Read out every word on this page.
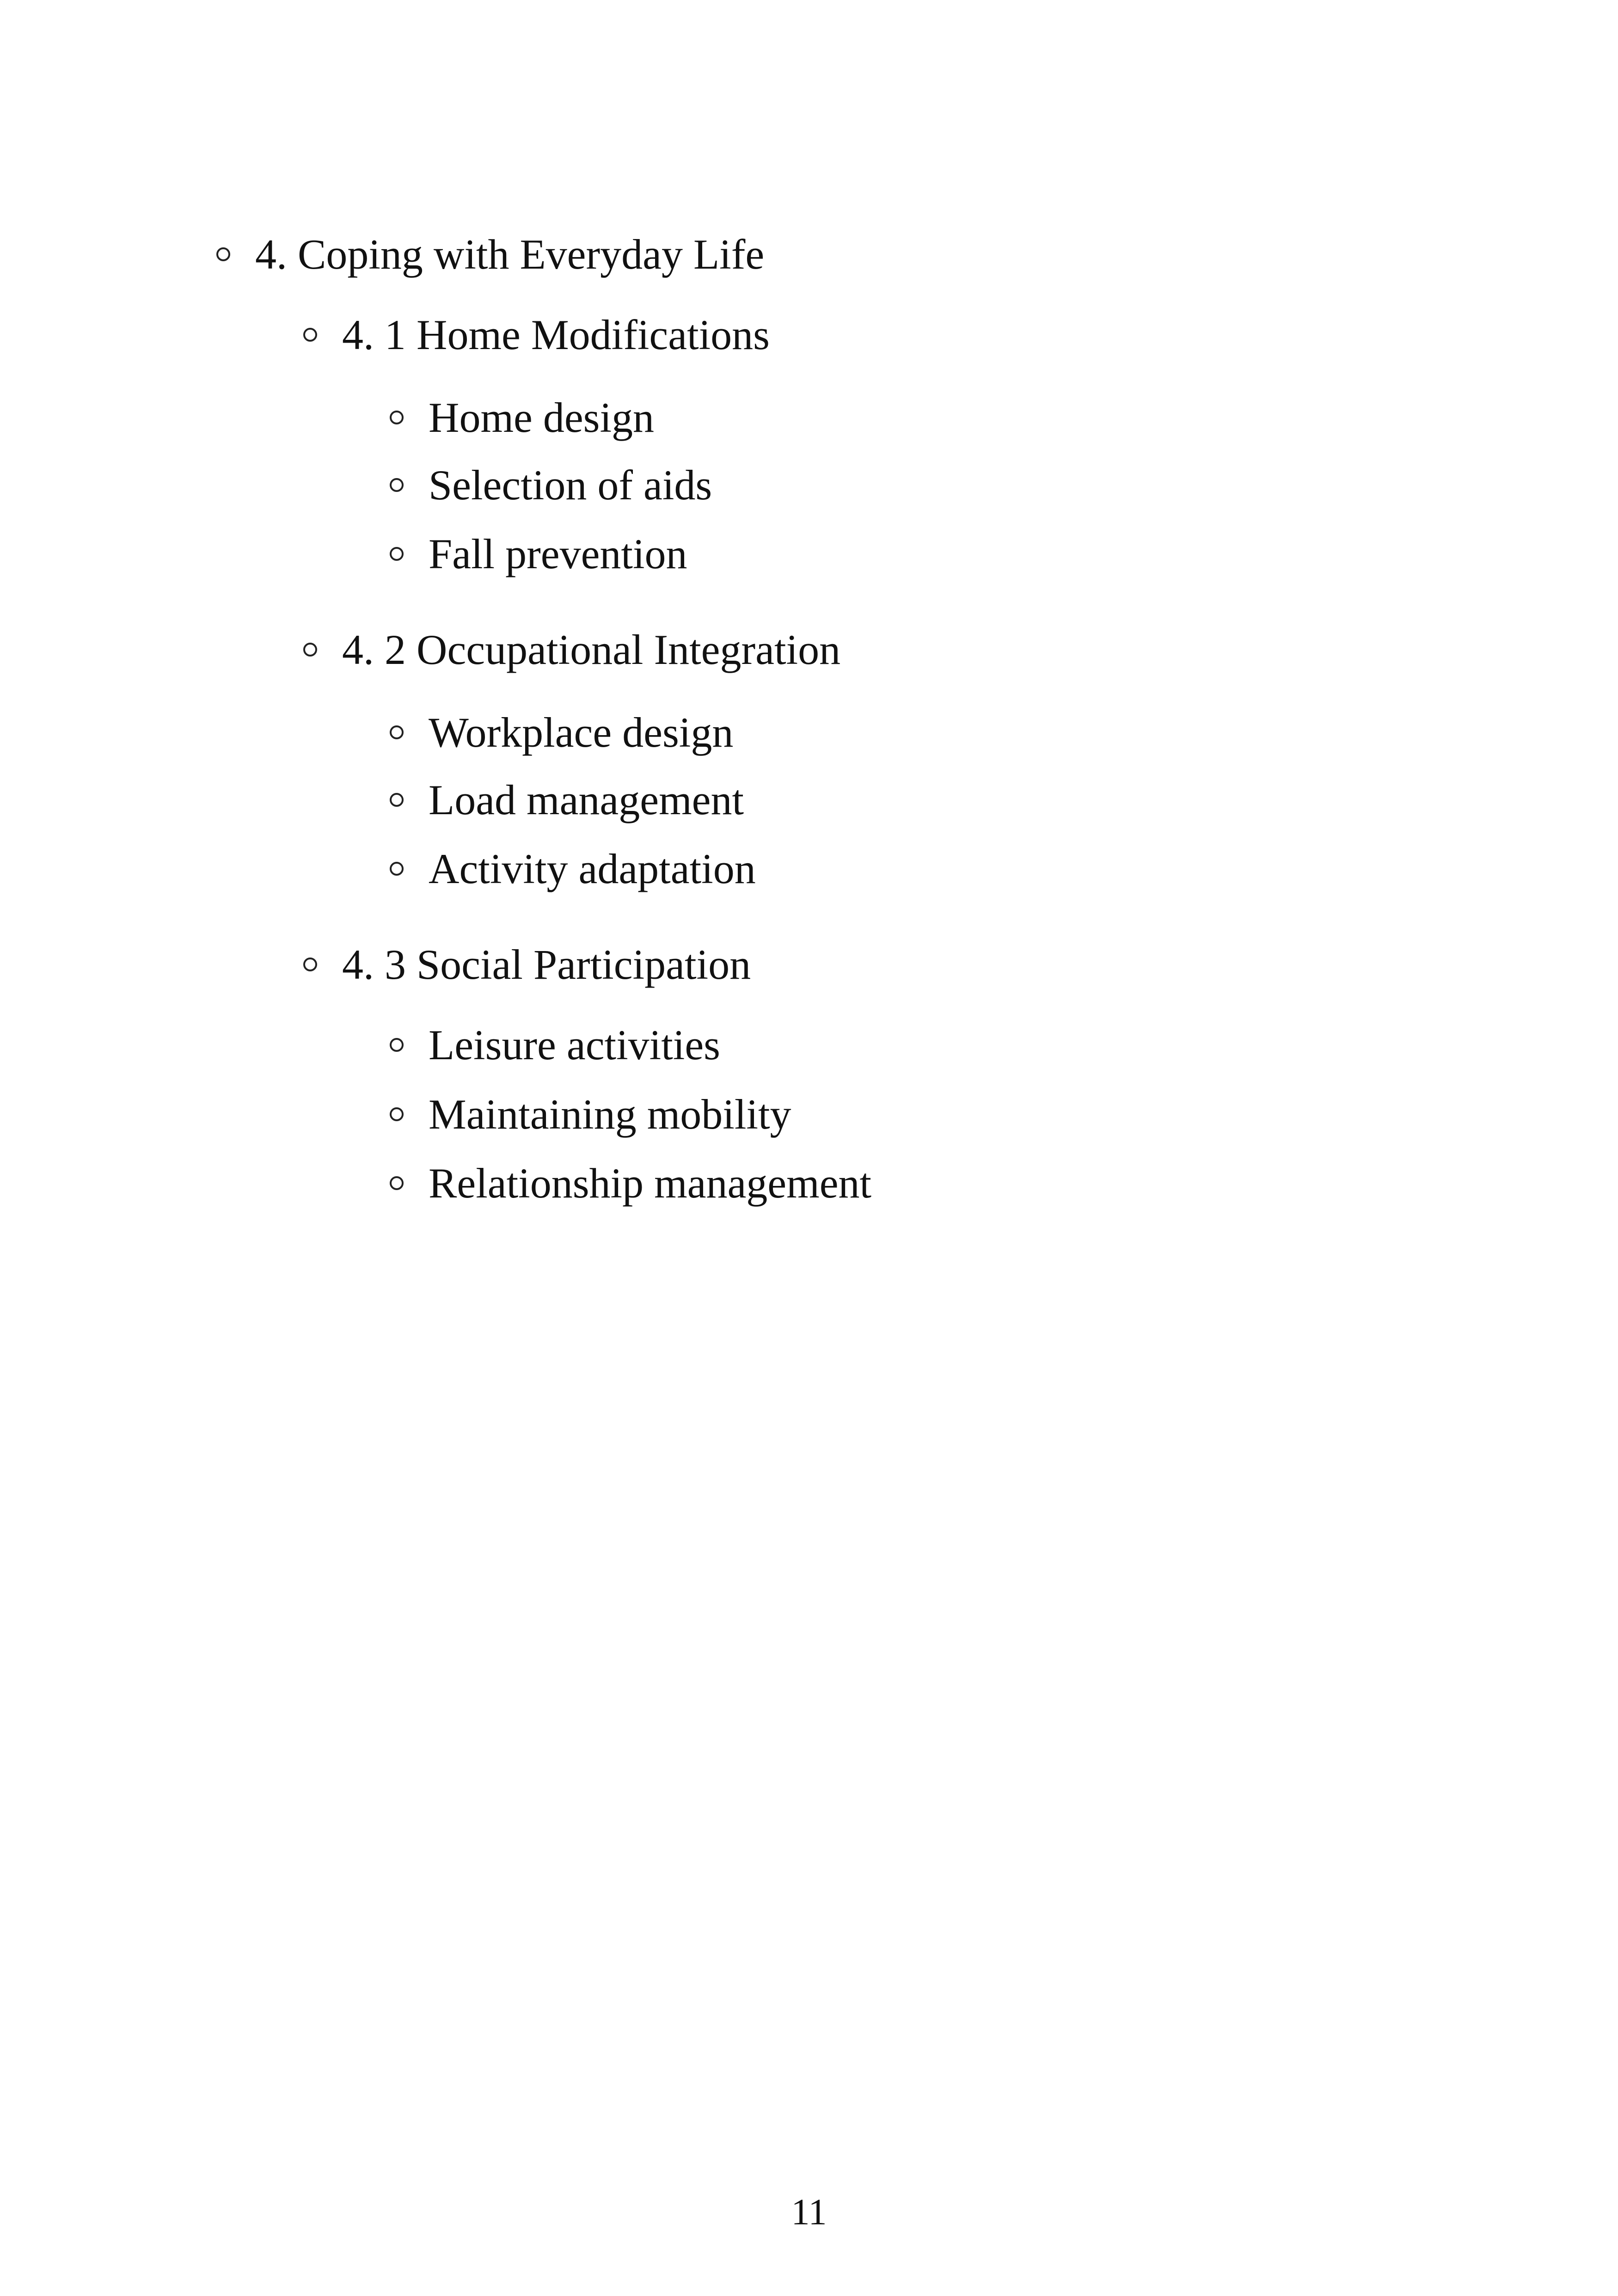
4. Coping with Everyday Life
4. 1 Home Modifications
Home design
Selection of aids
Fall prevention
4. 2 Occupational Integration
Workplace design
Load management
Activity adaptation
4. 3 Social Participation
Leisure activities
Maintaining mobility
Relationship management
11
